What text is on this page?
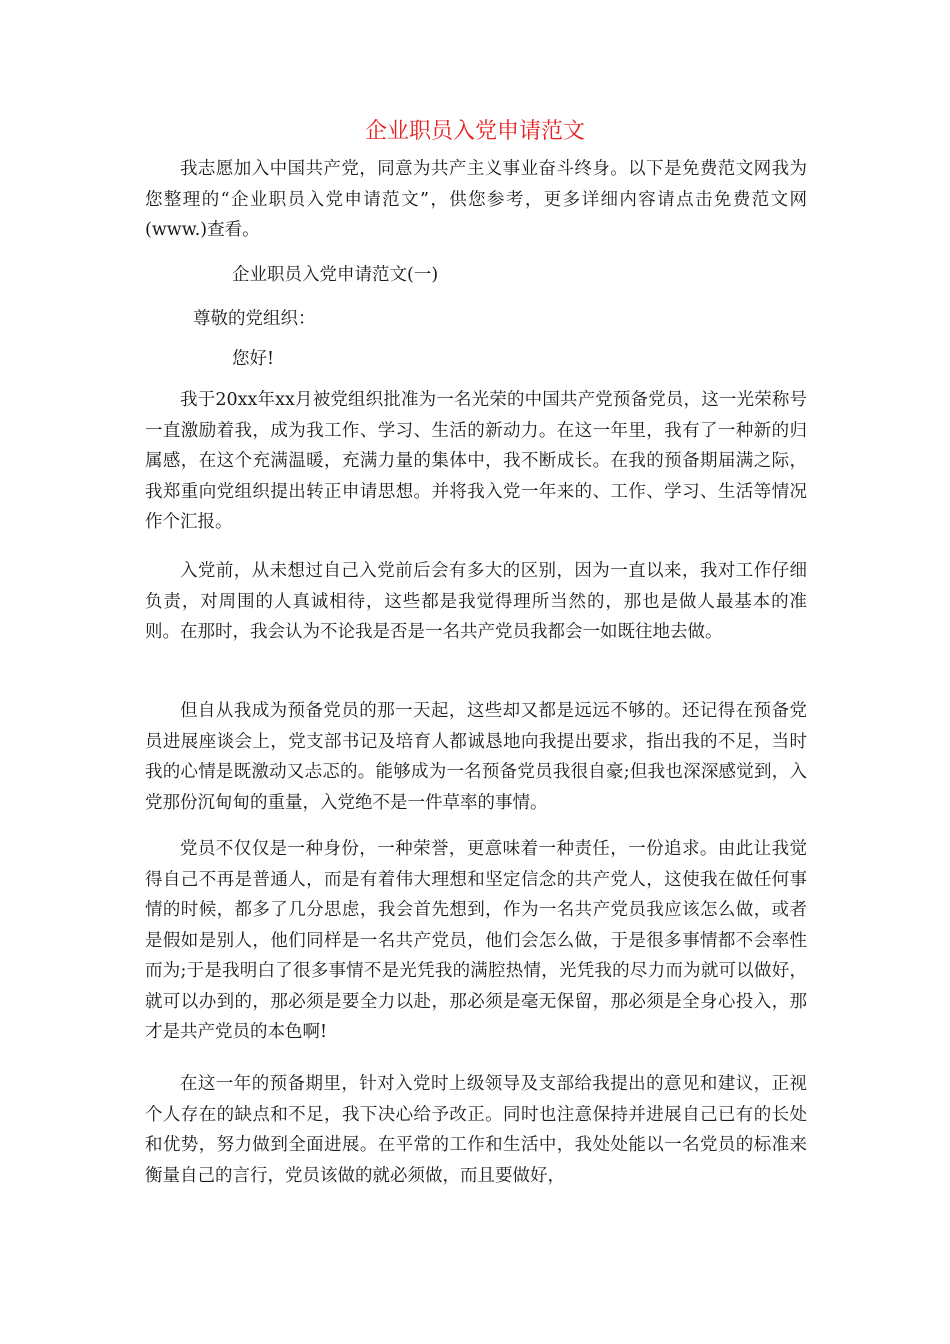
企业职员入党申请范文

我志愿加入中国共产党，同意为共产主义事业奋斗终身。以下是免费范文网我为您整理的“企业职员入党申请范文”，供您参考，更多详细内容请点击免费范文网(www.)查看。

企业职员入党申请范文(一)

尊敬的党组织：

您好!

我于20xx年xx月被党组织批准为一名光荣的中国共产党预备党员，这一光荣称号一直激励着我，成为我工作、学习、生活的新动力。在这一年里，我有了一种新的归属感，在这个充满温暖，充满力量的集体中，我不断成长。在我的预备期届满之际，我郑重向党组织提出转正申请思想。并将我入党一年来的、工作、学习、生活等情况作个汇报。

入党前，从未想过自己入党前后会有多大的区别，因为一直以来，我对工作仔细负责，对周围的人真诚相待，这些都是我觉得理所当然的，那也是做人最基本的准则。在那时，我会认为不论我是否是一名共产党员我都会一如既往地去做。

但自从我成为预备党员的那一天起，这些却又都是远远不够的。还记得在预备党员进展座谈会上，党支部书记及培育人都诚恳地向我提出要求，指出我的不足，当时我的心情是既激动又忐忑的。能够成为一名预备党员我很自豪;但我也深深感觉到，入党那份沉甸甸的重量，入党绝不是一件草率的事情。

党员不仅仅是一种身份，一种荣誉，更意味着一种责任，一份追求。由此让我觉得自己不再是普通人，而是有着伟大理想和坚定信念的共产党人，这使我在做任何事情的时候，都多了几分思虑，我会首先想到，作为一名共产党员我应该怎么做，或者是假如是别人，他们同样是一名共产党员，他们会怎么做，于是很多事情都不会率性而为;于是我明白了很多事情不是光凭我的满腔热情，光凭我的尽力而为就可以做好，就可以办到的，那必须是要全力以赴，那必须是毫无保留，那必须是全身心投入，那才是共产党员的本色啊!

在这一年的预备期里，针对入党时上级领导及支部给我提出的意见和建议，正视个人存在的缺点和不足，我下决心给予改正。同时也注意保持并进展自己已有的长处和优势，努力做到全面进展。在平常的工作和生活中，我处处能以一名党员的标准来衡量自己的言行，党员该做的就必须做，而且要做好，
